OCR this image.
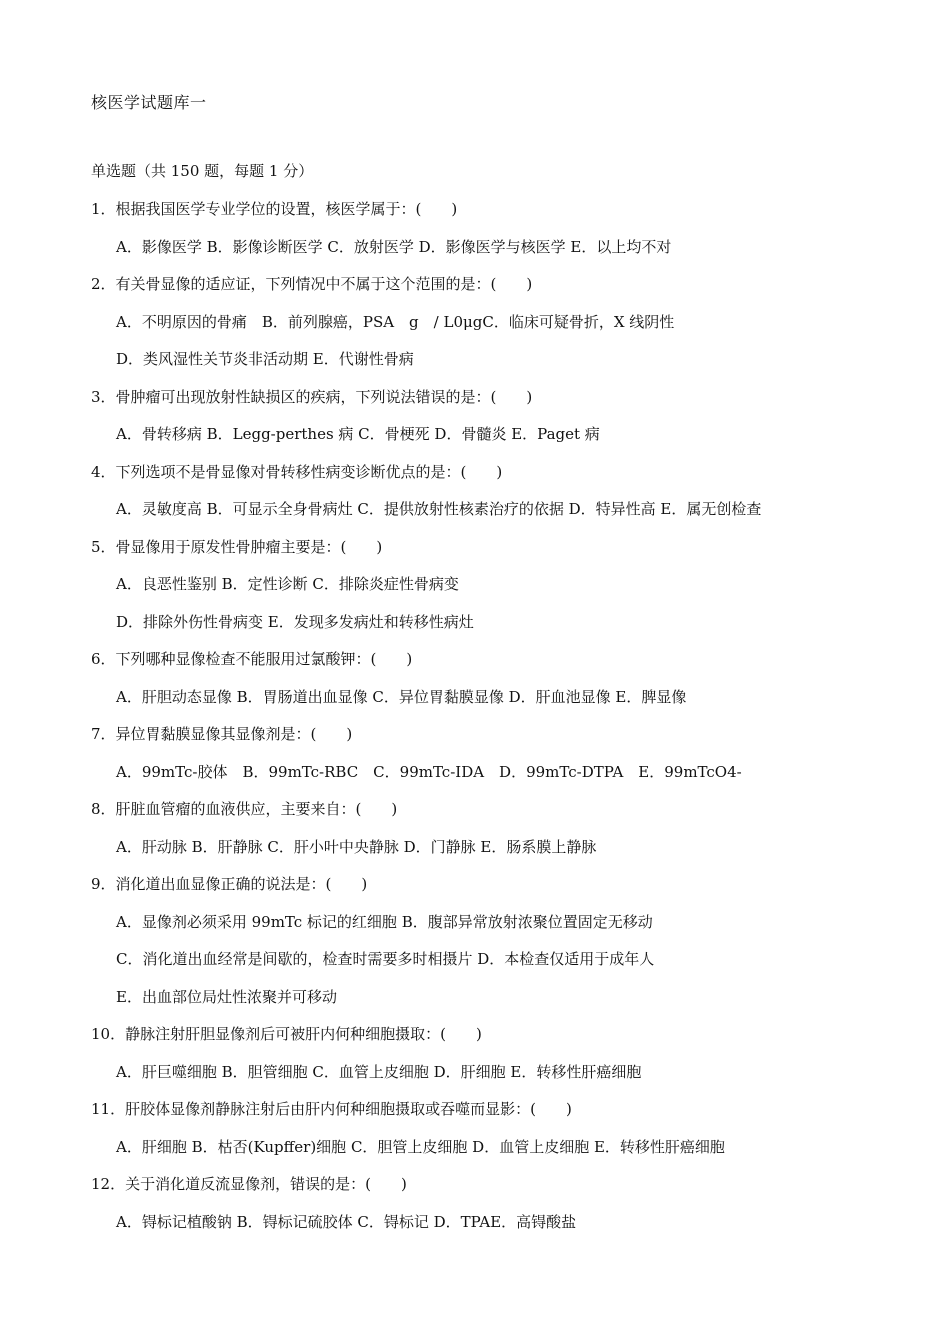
核医学试题库一
单选题（共 150 题，每题 1 分）
1．根据我国医学专业学位的设置，核医学属于：(　　)
A．影像医学 B．影像诊断医学 C．放射医学 D．影像医学与核医学 E．以上均不对
2．有关骨显像的适应证，下列情况中不属于这个范围的是：(　　)
A．不明原因的骨痛　B．前列腺癌，PSA　g　/ L0μgC．临床可疑骨折，X 线阴性
D．类风湿性关节炎非活动期 E．代谢性骨病
3．骨肿瘤可出现放射性缺损区的疾病，下列说法错误的是：(　　)
A．骨转移病 B．Legg-perthes 病 C．骨梗死 D．骨髓炎 E．Paget 病
4．下列选项不是骨显像对骨转移性病变诊断优点的是：(　　)
A．灵敏度高 B．可显示全身骨病灶 C．提供放射性核素治疗的依据 D．特异性高 E．属无创检查
5．骨显像用于原发性骨肿瘤主要是：(　　)
A．良恶性鉴别 B．定性诊断 C．排除炎症性骨病变
D．排除外伤性骨病变 E．发现多发病灶和转移性病灶
6．下列哪种显像检查不能服用过氯酸钾：(　　)
A．肝胆动态显像 B．胃肠道出血显像 C．异位胃黏膜显像 D．肝血池显像 E．脾显像
7．异位胃黏膜显像其显像剂是：(　　)
A．99mTc-胶体　B．99mTc-RBC　C．99mTc-IDA　D．99mTc-DTPA　E．99mTcO4-
8．肝脏血管瘤的血液供应，主要来自：(　　)
A．肝动脉 B．肝静脉 C．肝小叶中央静脉 D．门静脉 E．肠系膜上静脉
9．消化道出血显像正确的说法是：(　　)
A．显像剂必须采用 99mTc 标记的红细胞 B．腹部异常放射浓聚位置固定无移动
C．消化道出血经常是间歇的，检查时需要多时相摄片 D．本检查仅适用于成年人
E．出血部位局灶性浓聚并可移动
10．静脉注射肝胆显像剂后可被肝内何种细胞摄取：(　　)
A．肝巨噬细胞 B．胆管细胞 C．血管上皮细胞 D．肝细胞 E．转移性肝癌细胞
11．肝胶体显像剂静脉注射后由肝内何种细胞摄取或吞噬而显影：(　　)
A．肝细胞 B．枯否(Kupffer)细胞 C．胆管上皮细胞 D．血管上皮细胞 E．转移性肝癌细胞
12．关于消化道反流显像剂，错误的是：(　　)
A．锝标记植酸钠 B．锝标记硫胶体 C．锝标记 D．TPAE．高锝酸盐
